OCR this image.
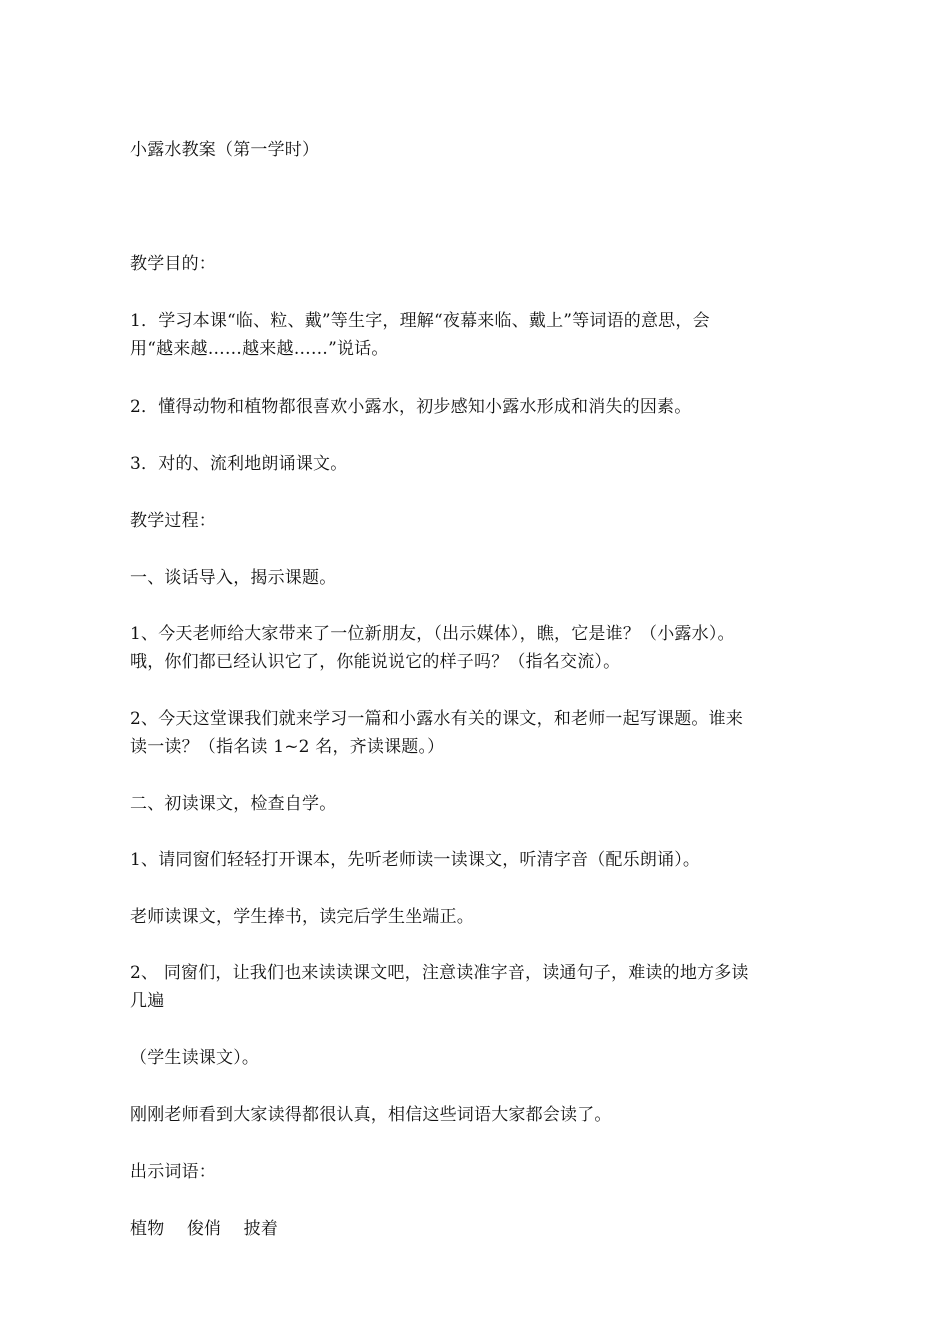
小露水教案（第一学时）
教学目的：
1．学习本课“临、粒、戴”等生字，理解“夜幕来临、戴上”等词语的意思，会
用“越来越……越来越……”说话。
2．懂得动物和植物都很喜欢小露水，初步感知小露水形成和消失的因素。
3．对的、流利地朗诵课文。
教学过程：
一、谈话导入，揭示课题。
1、今天老师给大家带来了一位新朋友，（出示媒体），瞧，它是谁？（小露水）。
哦，你们都已经认识它了，你能说说它的样子吗？（指名交流）。
2、今天这堂课我们就来学习一篇和小露水有关的课文，和老师一起写课题。谁来
读一读？（指名读 1~2 名，齐读课题。）
二、初读课文，检查自学。
1、请同窗们轻轻打开课本，先听老师读一读课文，听清字音（配乐朗诵）。
老师读课文，学生捧书，读完后学生坐端正。
2、 同窗们，让我们也来读读课文吧，注意读准字音，读通句子，难读的地方多读
几遍
（学生读课文）。
刚刚老师看到大家读得都很认真，相信这些词语大家都会读了。
出示词语：
植物    俊俏    披着
